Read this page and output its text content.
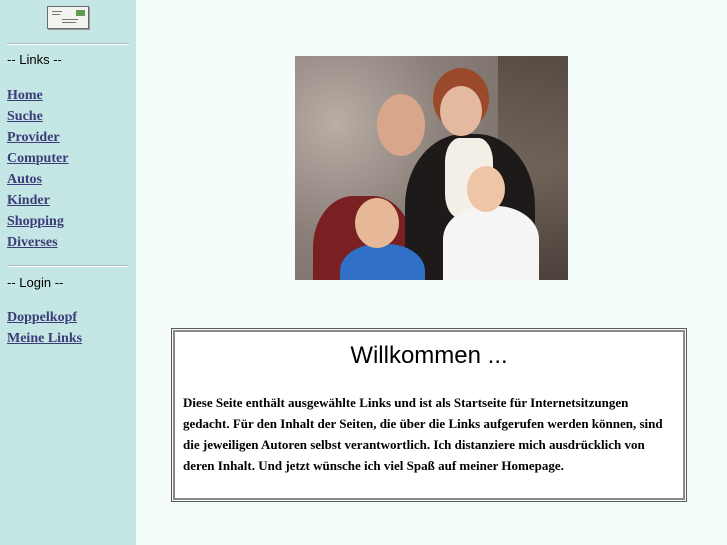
-- Links --
Home
Suche
Provider
Computer
Autos
Kinder
Shopping
Diverses
-- Login --
Doppelkopf
Meine Links
Willkommen ...

Diese Seite enthält ausgewählte Links und ist als Startseite für Internetsitzungen gedacht. Für den Inhalt der Seiten, die über die Links aufgerufen werden können, sind die jeweiligen Autoren selbst verantwortlich. Ich distanziere mich ausdrücklich von deren Inhalt. Und jetzt wünsche ich viel Spaß auf meiner Homepage.
